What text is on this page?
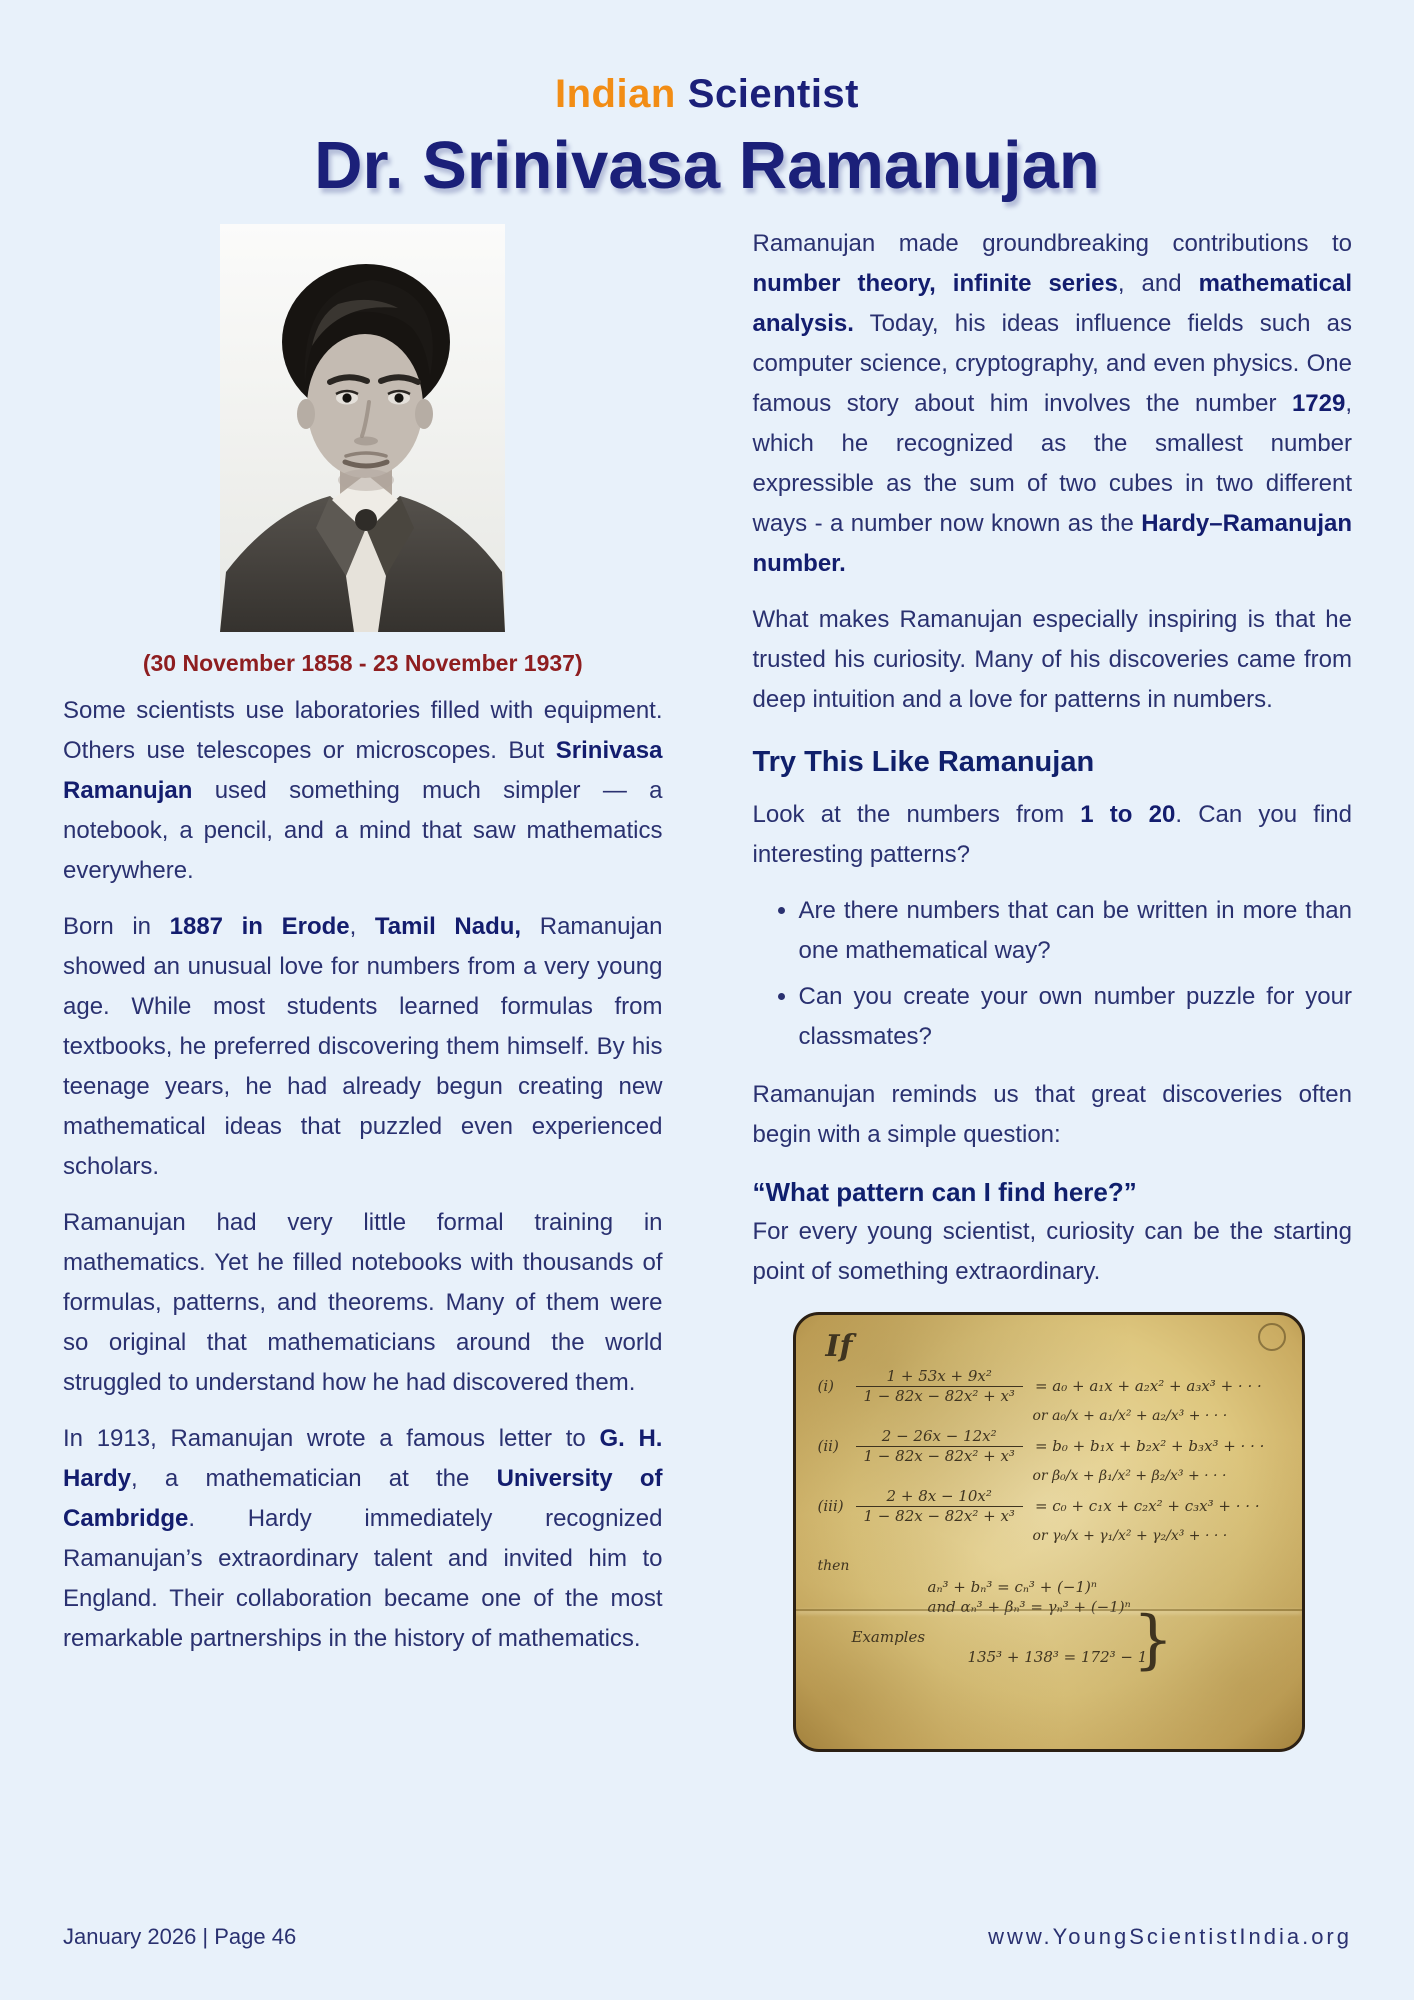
Indian Scientist
Dr. Srinivasa Ramanujan
(30 November 1858 - 23 November 1937)

Some scientists use laboratories filled with equipment. Others use telescopes or microscopes. But Srinivasa Ramanujan used something much simpler — a notebook, a pencil, and a mind that saw mathematics everywhere.

Born in 1887 in Erode, Tamil Nadu, Ramanujan showed an unusual love for numbers from a very young age. While most students learned formulas from textbooks, he preferred discovering them himself. By his teenage years, he had already begun creating new mathematical ideas that puzzled even experienced scholars.

Ramanujan had very little formal training in mathematics. Yet he filled notebooks with thousands of formulas, patterns, and theorems. Many of them were so original that mathematicians around the world struggled to understand how he had discovered them.

In 1913, Ramanujan wrote a famous letter to G. H. Hardy, a mathematician at the University of Cambridge. Hardy immediately recognized Ramanujan’s extraordinary talent and invited him to England. Their collaboration became one of the most remarkable partnerships in the history of mathematics.

Ramanujan made groundbreaking contributions to number theory, infinite series, and mathematical analysis. Today, his ideas influence fields such as computer science, cryptography, and even physics. One famous story about him involves the number 1729, which he recognized as the smallest number expressible as the sum of two cubes in two different ways - a number now known as the Hardy–Ramanujan number.

What makes Ramanujan especially inspiring is that he trusted his curiosity. Many of his discoveries came from deep intuition and a love for patterns in numbers.

Try This Like Ramanujan

Look at the numbers from 1 to 20. Can you find interesting patterns?

• Are there numbers that can be written in more than one mathematical way?
• Can you create your own number puzzle for your classmates?

Ramanujan reminds us that great discoveries often begin with a simple question:

“What pattern can I find here?”

For every young scientist, curiosity can be the starting point of something extraordinary.

}
If
(i)	$\frac{\text{1 + 53x + 9x²}}{\text{1 − 82x − 82x² + x³}} = a_0 + a_1x + a_2x^2 + a_3x^3$ + · · ·
or a₀/x + a₁/x² + a₂/x³ + · · ·
(ii)	$\frac{\text{2 − 26x − 12x²}}{\text{1 − 82x − 82x² + x³}} = b_0 + b_1x + b_2x^2 + b_3x^3$ + · · ·
or β₀/x + β₁/x² + β₂/x³ + · · ·
$(iii) \frac{\text{2 + 8x − 10x²}}{\text{1 − 82x − 82x² + x³}} = c_0 + c_1x + c_2x^2 + c_3x^3$ + · · ·
or γ₀/x + γ₁/x² + γ₂/x³ + · · ·
then
aₙ³ + bₙ³ = cₙ³ + (−1)ⁿ
and αₙ³ + βₙ³ = γₙ³ + (−1)ⁿ
Examples
135³ + 138³ = 172³ − 1
January 2026 | Page 46	www.YoungScientistIndia.org
